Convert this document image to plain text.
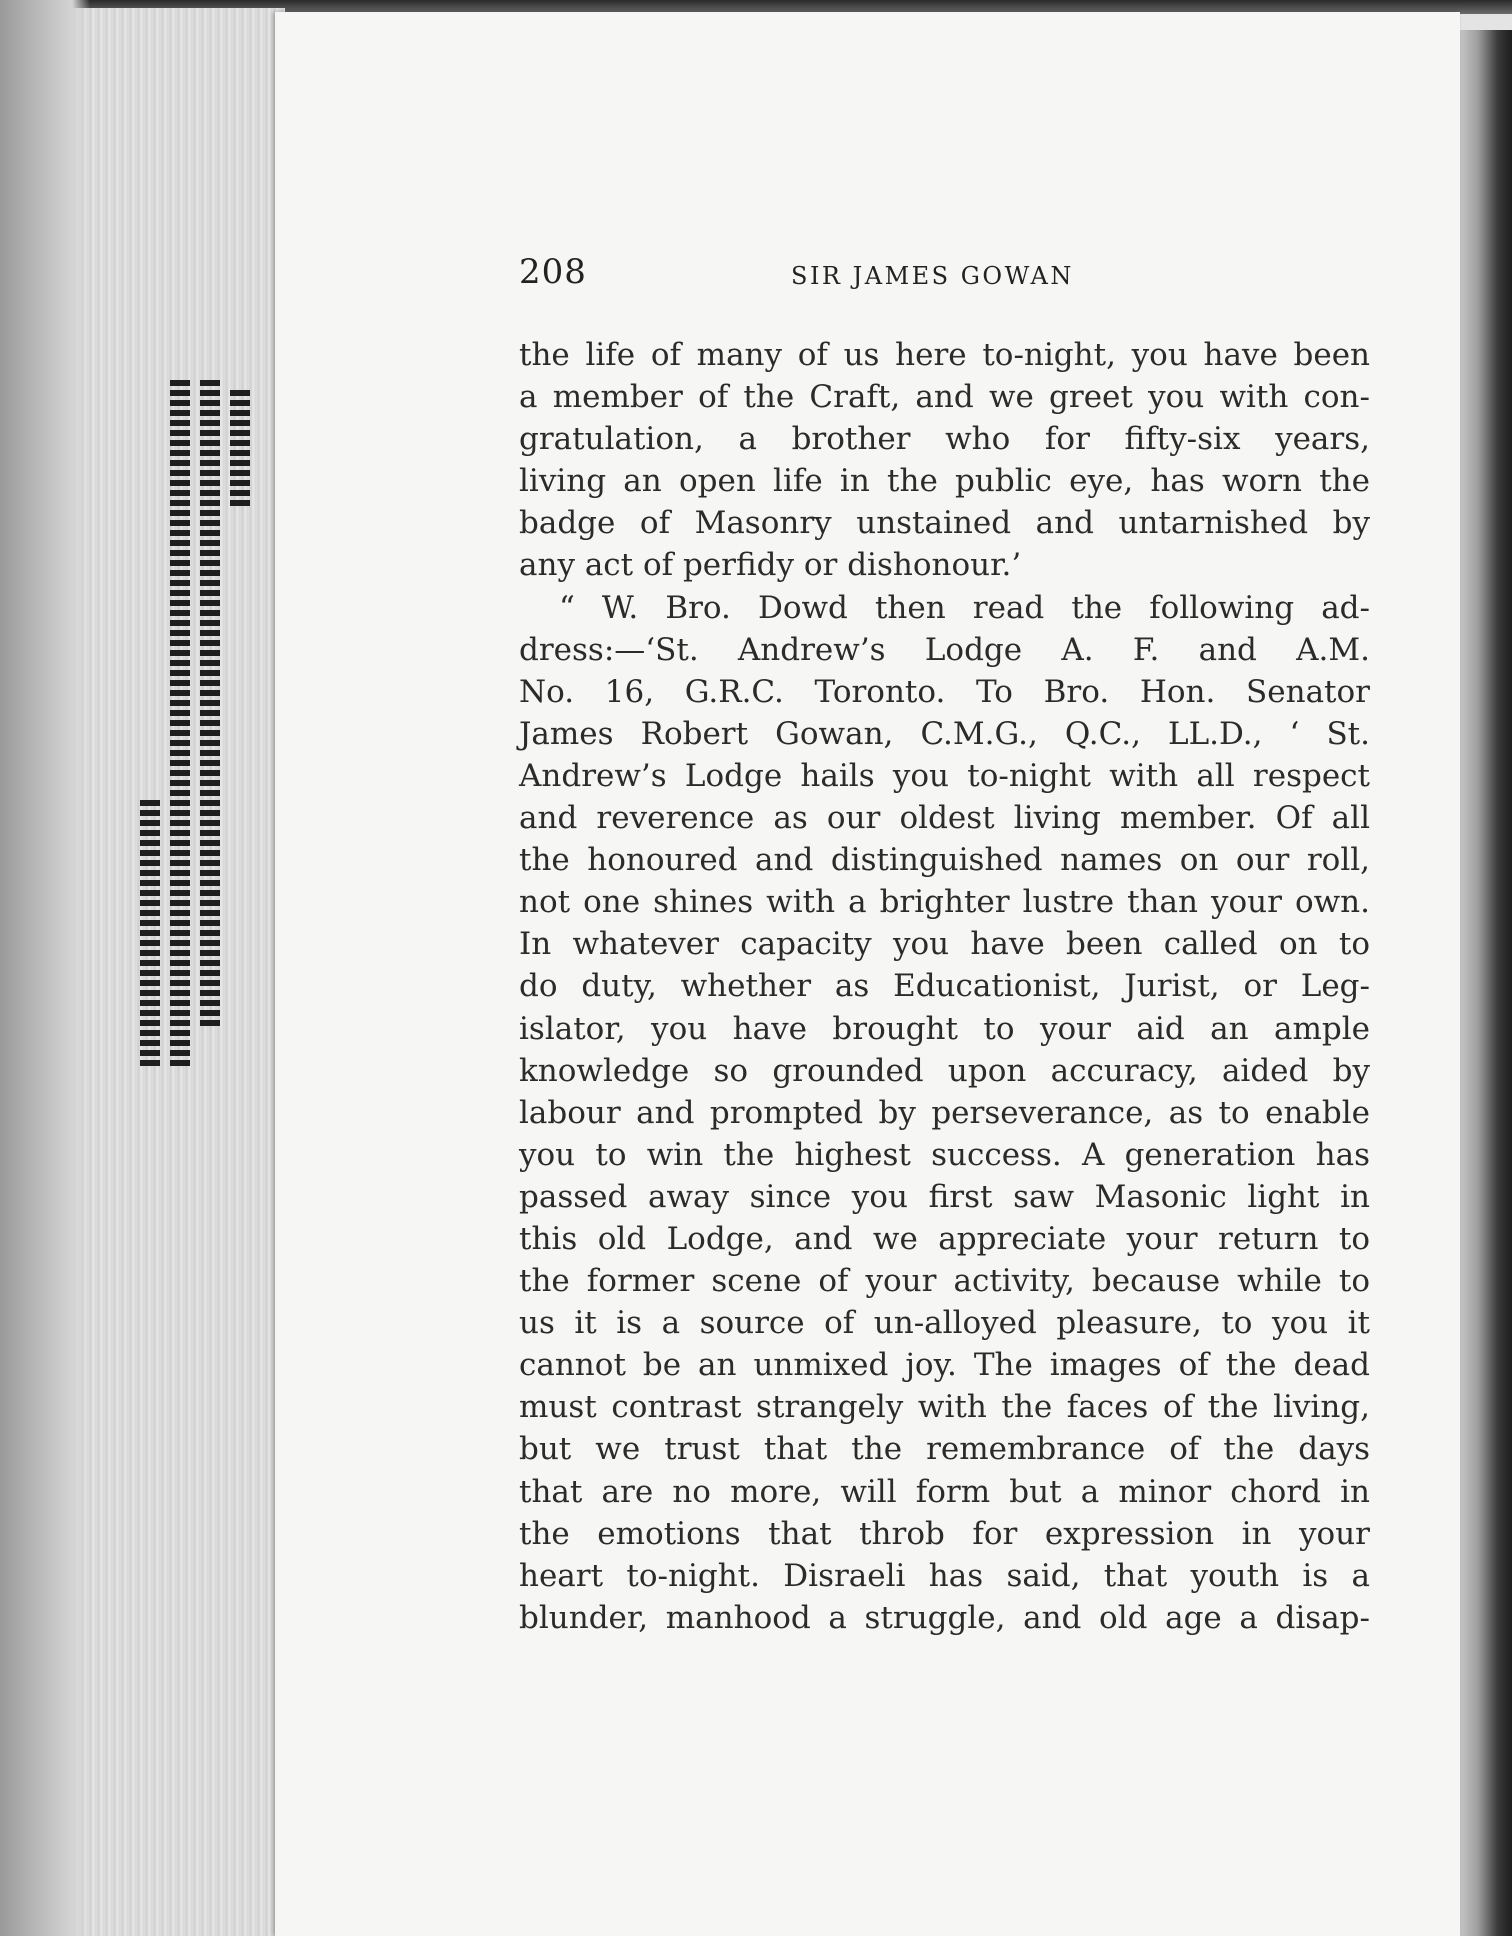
208	SIR JAMES GOWAN
the life of many of us here to-night, you have been
a member of the Craft, and we greet you with con-
gratulation, a brother who for fifty-six years,
living an open life in the public eye, has worn the
badge of Masonry unstained and untarnished by
any act of perfidy or dishonour.’
“ W. Bro. Dowd then read the following ad-
dress:—‘St. Andrew’s Lodge A. F. and A.M.
No. 16, G.R.C. Toronto. To Bro. Hon. Senator
James Robert Gowan, C.M.G., Q.C., LL.D., ‘ St.
Andrew’s Lodge hails you to-night with all respect
and reverence as our oldest living member. Of all
the honoured and distinguished names on our roll,
not one shines with a brighter lustre than your own.
In whatever capacity you have been called on to
do duty, whether as Educationist, Jurist, or Leg-
islator, you have brought to your aid an ample
knowledge so grounded upon accuracy, aided by
labour and prompted by perseverance, as to enable
you to win the highest success. A generation has
passed away since you first saw Masonic light in
this old Lodge, and we appreciate your return to
the former scene of your activity, because while to
us it is a source of un-alloyed pleasure, to you it
cannot be an unmixed joy. The images of the dead
must contrast strangely with the faces of the living,
but we trust that the remembrance of the days
that are no more, will form but a minor chord in
the emotions that throb for expression in your
heart to-night. Disraeli has said, that youth is a
blunder, manhood a struggle, and old age a disap-
